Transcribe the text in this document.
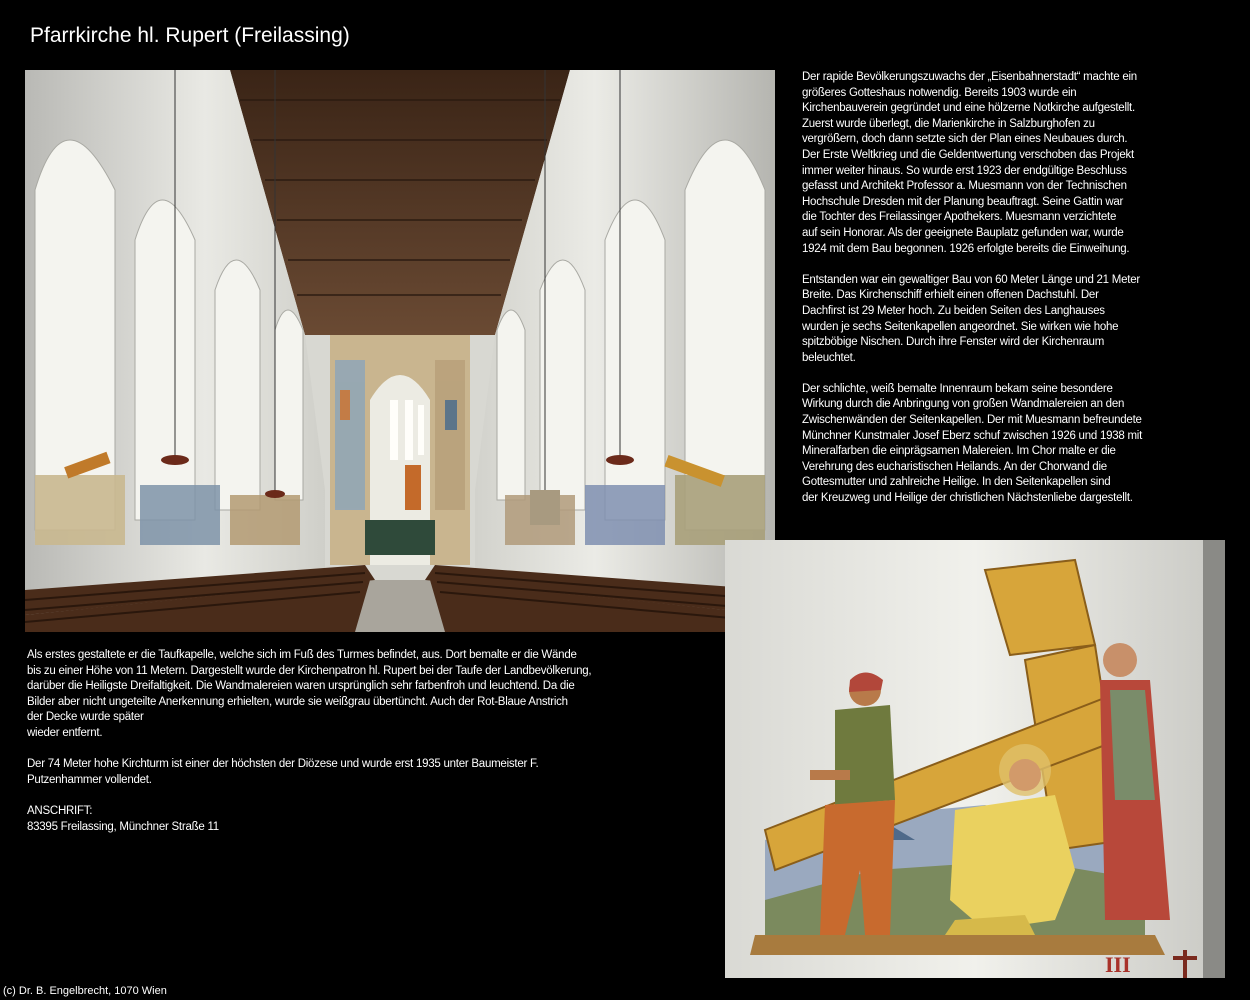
Pfarrkirche hl. Rupert (Freilassing)

Der rapide Bevölkerungszuwachs der „Eisenbahnerstadt“ machte ein
größeres Gotteshaus notwendig. Bereits 1903 wurde ein
Kirchenbauverein gegründet und eine hölzerne Notkirche aufgestellt.
Zuerst wurde überlegt, die Marienkirche in Salzburghofen zu
vergrößern, doch dann setzte sich der Plan eines Neubaues durch.
Der Erste Weltkrieg und die Geldentwertung verschoben das Projekt
immer weiter hinaus. So wurde erst 1923 der endgültige Beschluss
gefasst und Architekt Professor a. Muesmann von der Technischen
Hochschule Dresden mit der Planung beauftragt. Seine Gattin war
die Tochter des Freilassinger Apothekers. Muesmann verzichtete
auf sein Honorar. Als der geeignete Bauplatz gefunden war, wurde
1924 mit dem Bau begonnen. 1926 erfolgte bereits die Einweihung.

Entstanden war ein gewaltiger Bau von 60 Meter Länge und 21 Meter
Breite. Das Kirchenschiff erhielt einen offenen Dachstuhl. Der
Dachfirst ist 29 Meter hoch. Zu beiden Seiten des Langhauses
wurden je sechs Seitenkapellen angeordnet. Sie wirken wie hohe
spitzböbige Nischen. Durch ihre Fenster wird der Kirchenraum
beleuchtet.

Der schlichte, weiß bemalte Innenraum bekam seine besondere
Wirkung durch die Anbringung von großen Wandmalereien an den
Zwischenwänden der Seitenkapellen. Der mit Muesmann befreundete
Münchner Kunstmaler Josef Eberz schuf zwischen 1926 und 1938 mit
Mineralfarben die einprägsamen Malereien. Im Chor malte er die
Verehrung des eucharistischen Heilands. An der Chorwand die
Gottesmutter und zahlreiche Heilige. In den Seitenkapellen sind
der Kreuzweg und Heilige der christlichen Nächstenliebe dargestellt.

Als erstes gestaltete er die Taufkapelle, welche sich im Fuß des Turmes befindet, aus. Dort bemalte er die Wände
bis zu einer Höhe von 11 Metern. Dargestellt wurde der Kirchenpatron hl. Rupert bei der Taufe der Landbevölkerung,
darüber die Heiligste Dreifaltigkeit. Die Wandmalereien waren ursprünglich sehr farbenfroh und leuchtend. Da die
Bilder aber nicht ungeteilte Anerkennung erhielten, wurde sie weißgrau übertüncht. Auch der Rot-Blaue Anstrich
der Decke wurde später
wieder entfernt.

Der 74 Meter hohe Kirchturm ist einer der höchsten der Diözese und wurde erst 1935 unter Baumeister F.
Putzenhammer vollendet.

ANSCHRIFT:
83395 Freilassing, Münchner Straße 11

III
(c) Dr. B. Engelbrecht, 1070 Wien
